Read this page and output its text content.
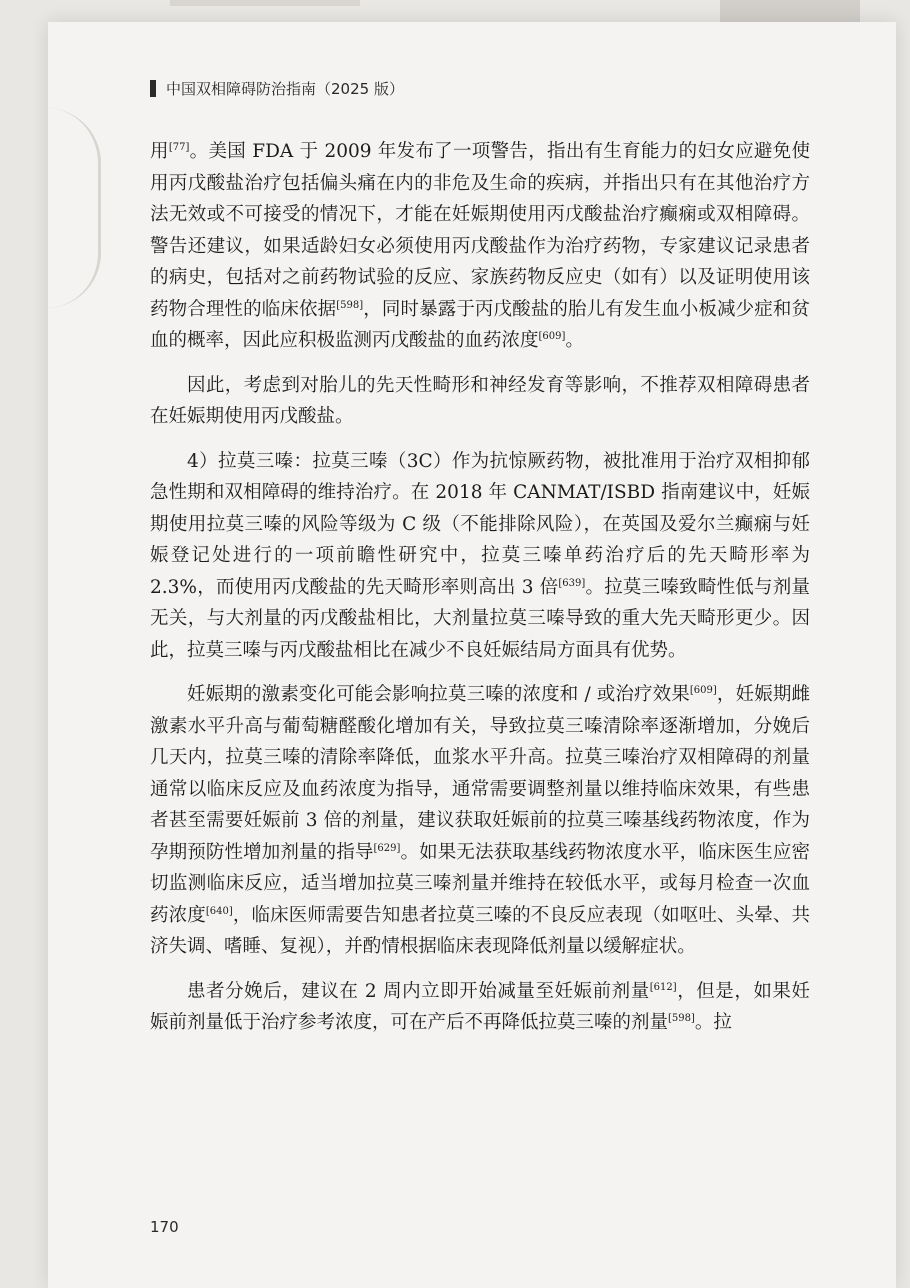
中国双相障碍防治指南（2025 版）

用[77]。美国 FDA 于 2009 年发布了一项警告，指出有生育能力的妇女应避免使用丙戊酸盐治疗包括偏头痛在内的非危及生命的疾病，并指出只有在其他治疗方法无效或不可接受的情况下，才能在妊娠期使用丙戊酸盐治疗癫痫或双相障碍。警告还建议，如果适龄妇女必须使用丙戊酸盐作为治疗药物，专家建议记录患者的病史，包括对之前药物试验的反应、家族药物反应史（如有）以及证明使用该药物合理性的临床依据[598]，同时暴露于丙戊酸盐的胎儿有发生血小板减少症和贫血的概率，因此应积极监测丙戊酸盐的血药浓度[609]。

因此，考虑到对胎儿的先天性畸形和神经发育等影响，不推荐双相障碍患者在妊娠期使用丙戊酸盐。

4）拉莫三嗪：拉莫三嗪（3C）作为抗惊厥药物，被批准用于治疗双相抑郁急性期和双相障碍的维持治疗。在 2018 年 CANMAT/ISBD 指南建议中，妊娠期使用拉莫三嗪的风险等级为 C 级（不能排除风险），在英国及爱尔兰癫痫与妊娠登记处进行的一项前瞻性研究中，拉莫三嗪单药治疗后的先天畸形率为 2.3%，而使用丙戊酸盐的先天畸形率则高出 3 倍[639]。拉莫三嗪致畸性低与剂量无关，与大剂量的丙戊酸盐相比，大剂量拉莫三嗪导致的重大先天畸形更少。因此，拉莫三嗪与丙戊酸盐相比在减少不良妊娠结局方面具有优势。

妊娠期的激素变化可能会影响拉莫三嗪的浓度和 / 或治疗效果[609]，妊娠期雌激素水平升高与葡萄糖醛酸化增加有关，导致拉莫三嗪清除率逐渐增加，分娩后几天内，拉莫三嗪的清除率降低，血浆水平升高。拉莫三嗪治疗双相障碍的剂量通常以临床反应及血药浓度为指导，通常需要调整剂量以维持临床效果，有些患者甚至需要妊娠前 3 倍的剂量，建议获取妊娠前的拉莫三嗪基线药物浓度，作为孕期预防性增加剂量的指导[629]。如果无法获取基线药物浓度水平，临床医生应密切监测临床反应，适当增加拉莫三嗪剂量并维持在较低水平，或每月检查一次血药浓度[640]，临床医师需要告知患者拉莫三嗪的不良反应表现（如呕吐、头晕、共济失调、嗜睡、复视），并酌情根据临床表现降低剂量以缓解症状。

患者分娩后，建议在 2 周内立即开始减量至妊娠前剂量[612]，但是，如果妊娠前剂量低于治疗参考浓度，可在产后不再降低拉莫三嗪的剂量[598]。拉

170
